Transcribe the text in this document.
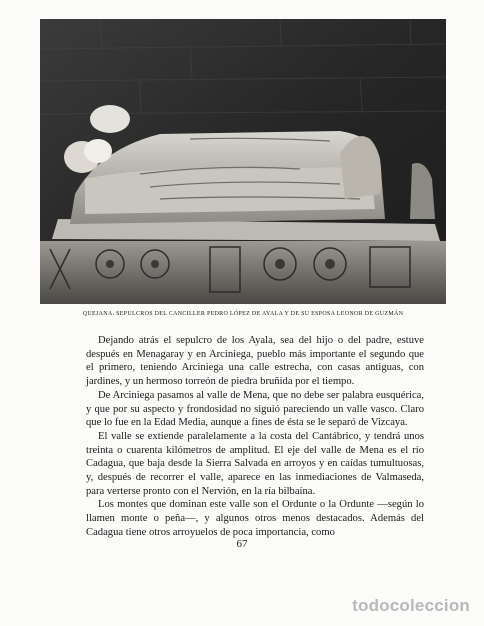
QUEJANA. SEPULCROS DEL CANCILLER PEDRO LÓPEZ DE AYALA Y DE SU ESPOSA LEONOR DE GUZMÁN

Dejando atrás el sepulcro de los Ayala, sea del hijo o del padre, estuve después en Menagaray y en Arciniega, pueblo más importante el segundo que el primero, teniendo Arciniega una calle estrecha, con casas antiguas, con jardines, y un hermoso torreón de piedra bruñida por el tiempo.

De Arciniega pasamos al valle de Mena, que no debe ser palabra eusquérica, y que por su aspecto y frondosidad no siguió pareciendo un valle vasco. Claro que lo fue en la Edad Media, aunque a fines de ésta se le separó de Vizcaya.

El valle se extiende paralelamente a la costa del Cantábrico, y tendrá unos treinta o cuarenta kilómetros de amplitud. El eje del valle de Mena es el río Cadagua, que baja desde la Sierra Salvada en arroyos y en caídas tumultuosas, y, después de recorrer el valle, aparece en las inmediaciones de Valmaseda, para verterse pronto con el Nervión, en la ría bilbaína.

Los montes que dominan este valle son el Ordunte o la Ordunte —según lo llamen monte o peña—, y algunos otros menos destacados. Además del Cadagua tiene otros arroyuelos de poca importancia, como

67
todocoleccion
